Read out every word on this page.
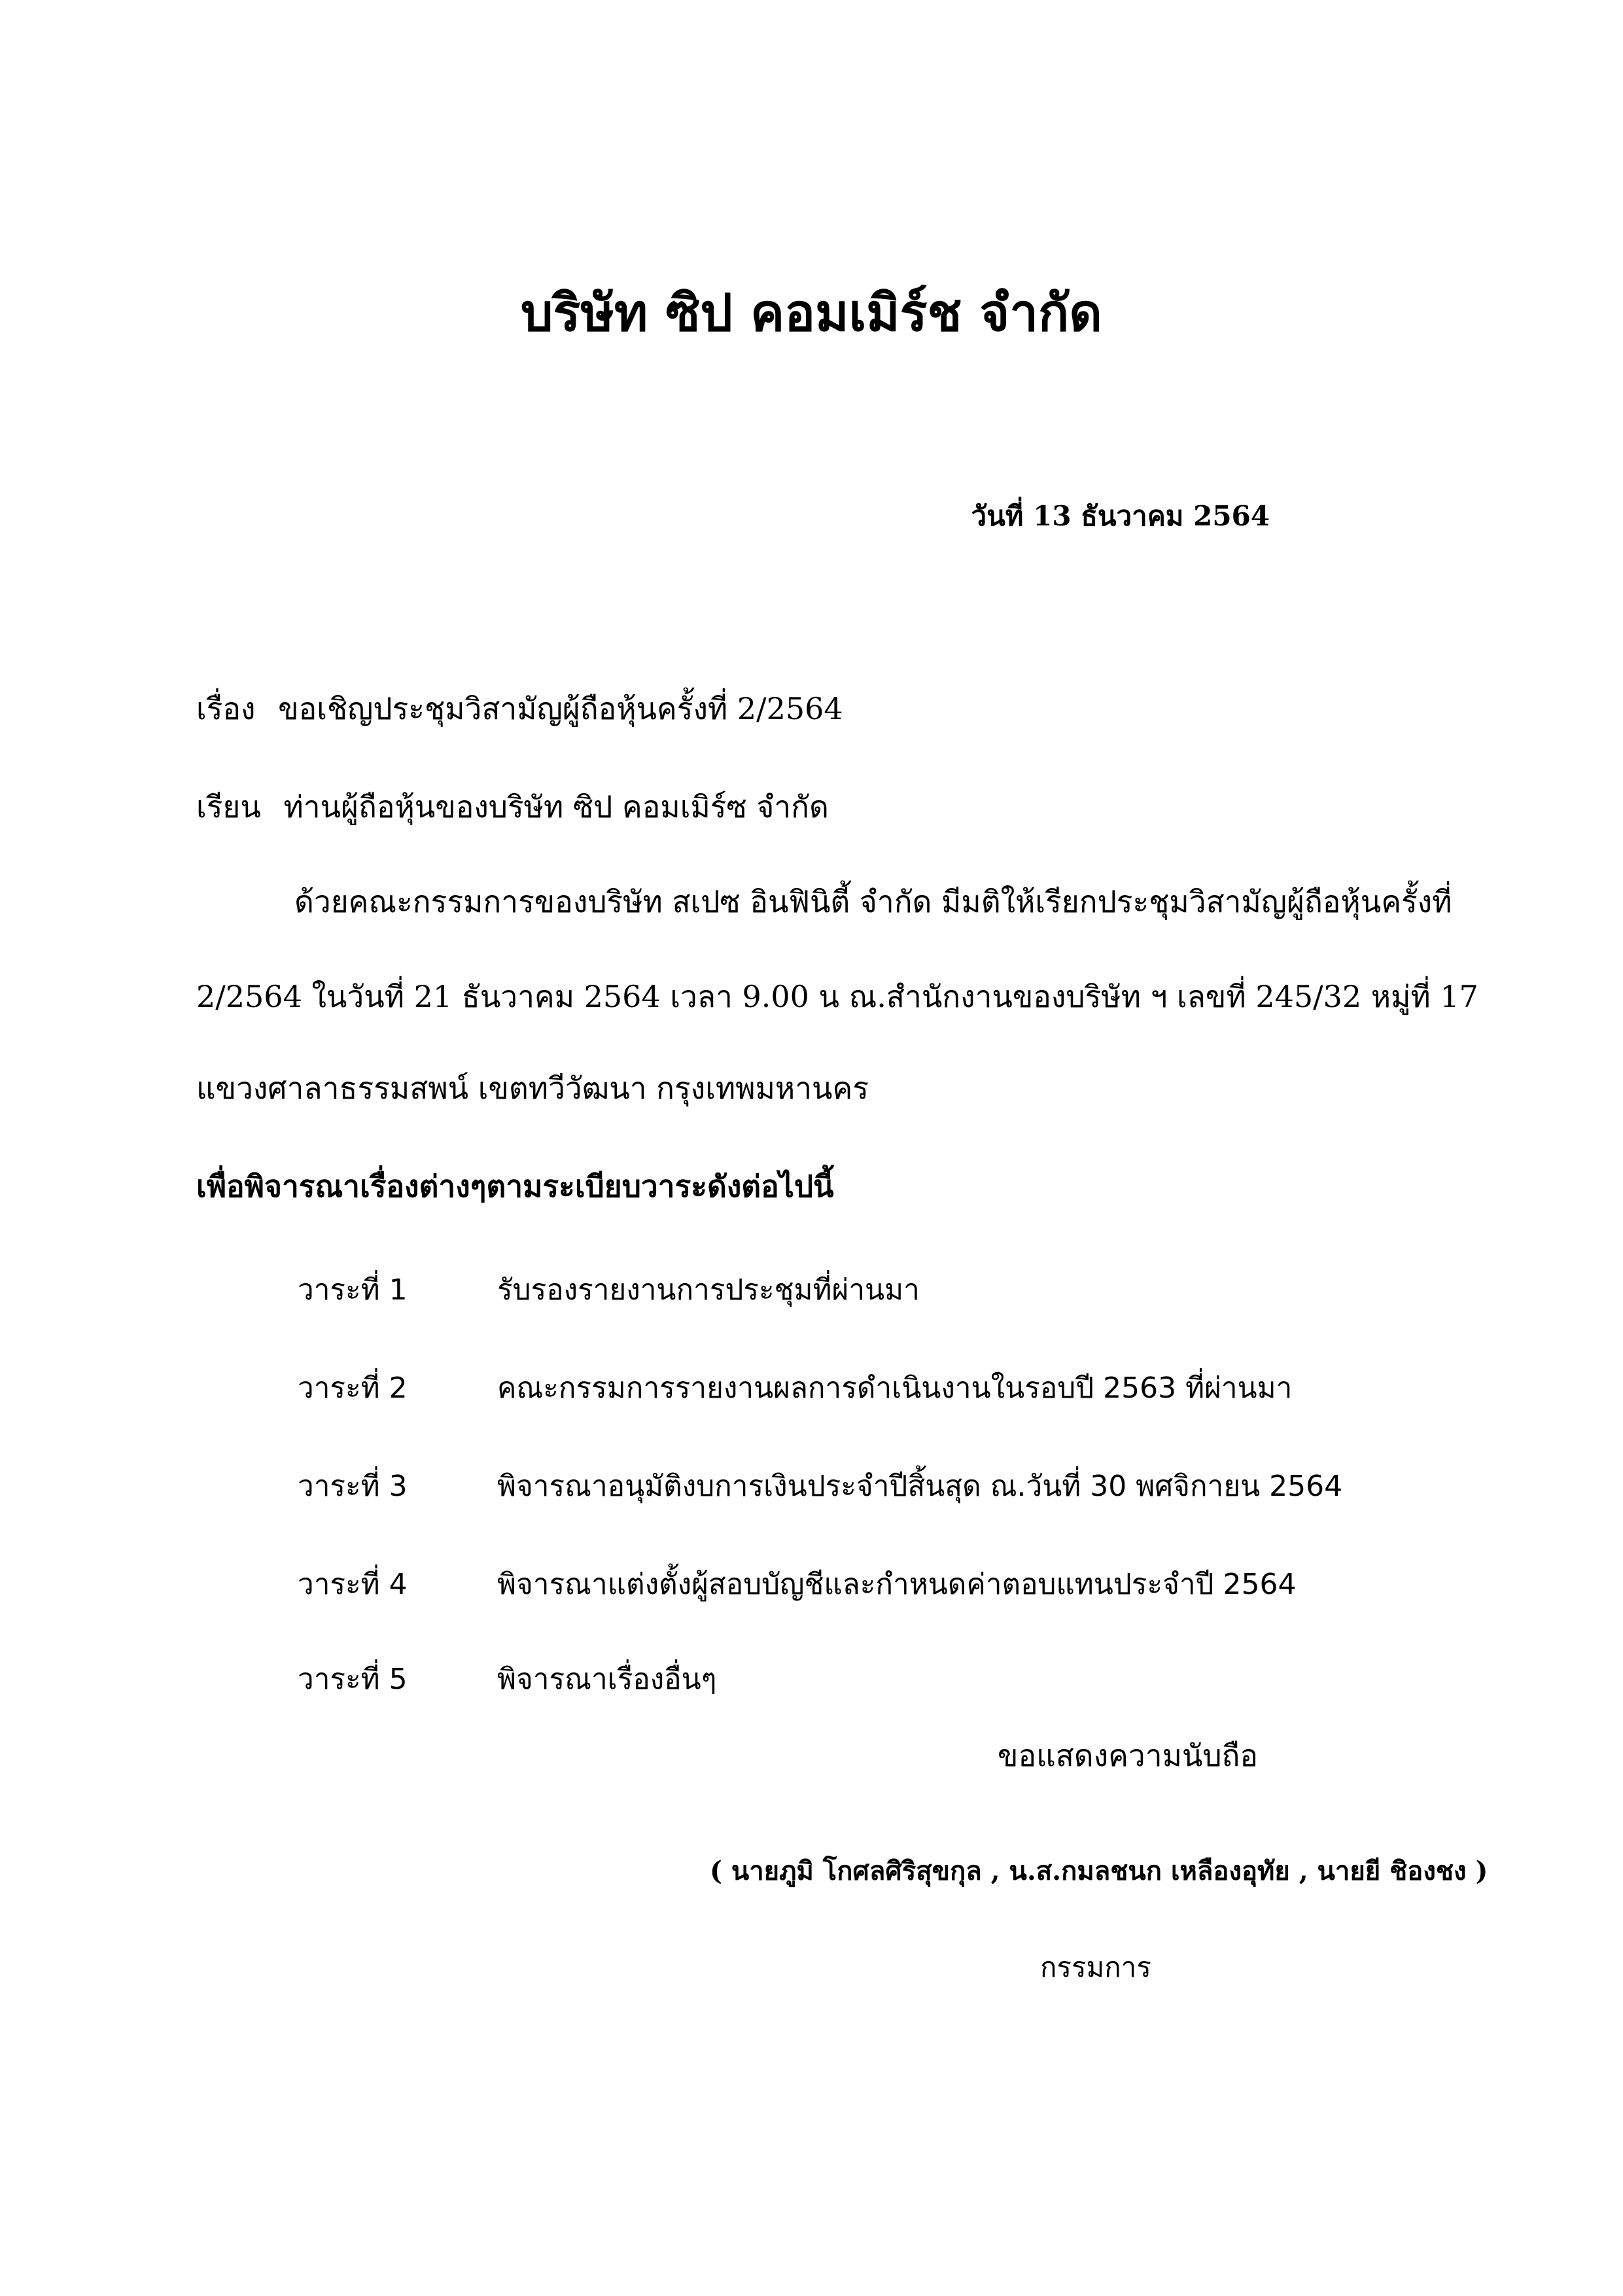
บริษัท ซิป คอมเมิร์ช จำกัด
วันที่ 13 ธันวาคม 2564
เรื่อง ขอเชิญประชุมวิสามัญผู้ถือหุ้นครั้งที่ 2/2564
เรียน ท่านผู้ถือหุ้นของบริษัท ซิป คอมเมิร์ซ จำกัด
ด้วยคณะกรรมการของบริษัท สเปซ อินฟินิตี้ จำกัด มีมติให้เรียกประชุมวิสามัญผู้ถือหุ้นครั้งที่
2/2564 ในวันที่ 21 ธันวาคม 2564 เวลา 9.00 น ณ.สำนักงานของบริษัท ฯ เลขที่ 245/32 หมู่ที่ 17
แขวงศาลาธรรมสพน์ เขตทวีวัฒนา กรุงเทพมหานคร
เพื่อพิจารณาเรื่องต่างๆตามระเบียบวาระดังต่อไปนี้
วาระที่ 1	รับรองรายงานการประชุมที่ผ่านมา
วาระที่ 2	คณะกรรมการรายงานผลการดำเนินงานในรอบปี 2563 ที่ผ่านมา
วาระที่ 3	พิจารณาอนุมัติงบการเงินประจำปีสิ้นสุด ณ.วันที่ 30 พศจิกายน 2564
วาระที่ 4	พิจารณาแต่งตั้งผู้สอบบัญชีและกำหนดค่าตอบแทนประจำปี 2564
วาระที่ 5	พิจารณาเรื่องอื่นๆ
ขอแสดงความนับถือ
( นายภูมิ โกศลศิริสุขกุล , น.ส.กมลชนก เหลืองอุทัย , นายยี ชิองชง )
กรรมการ
